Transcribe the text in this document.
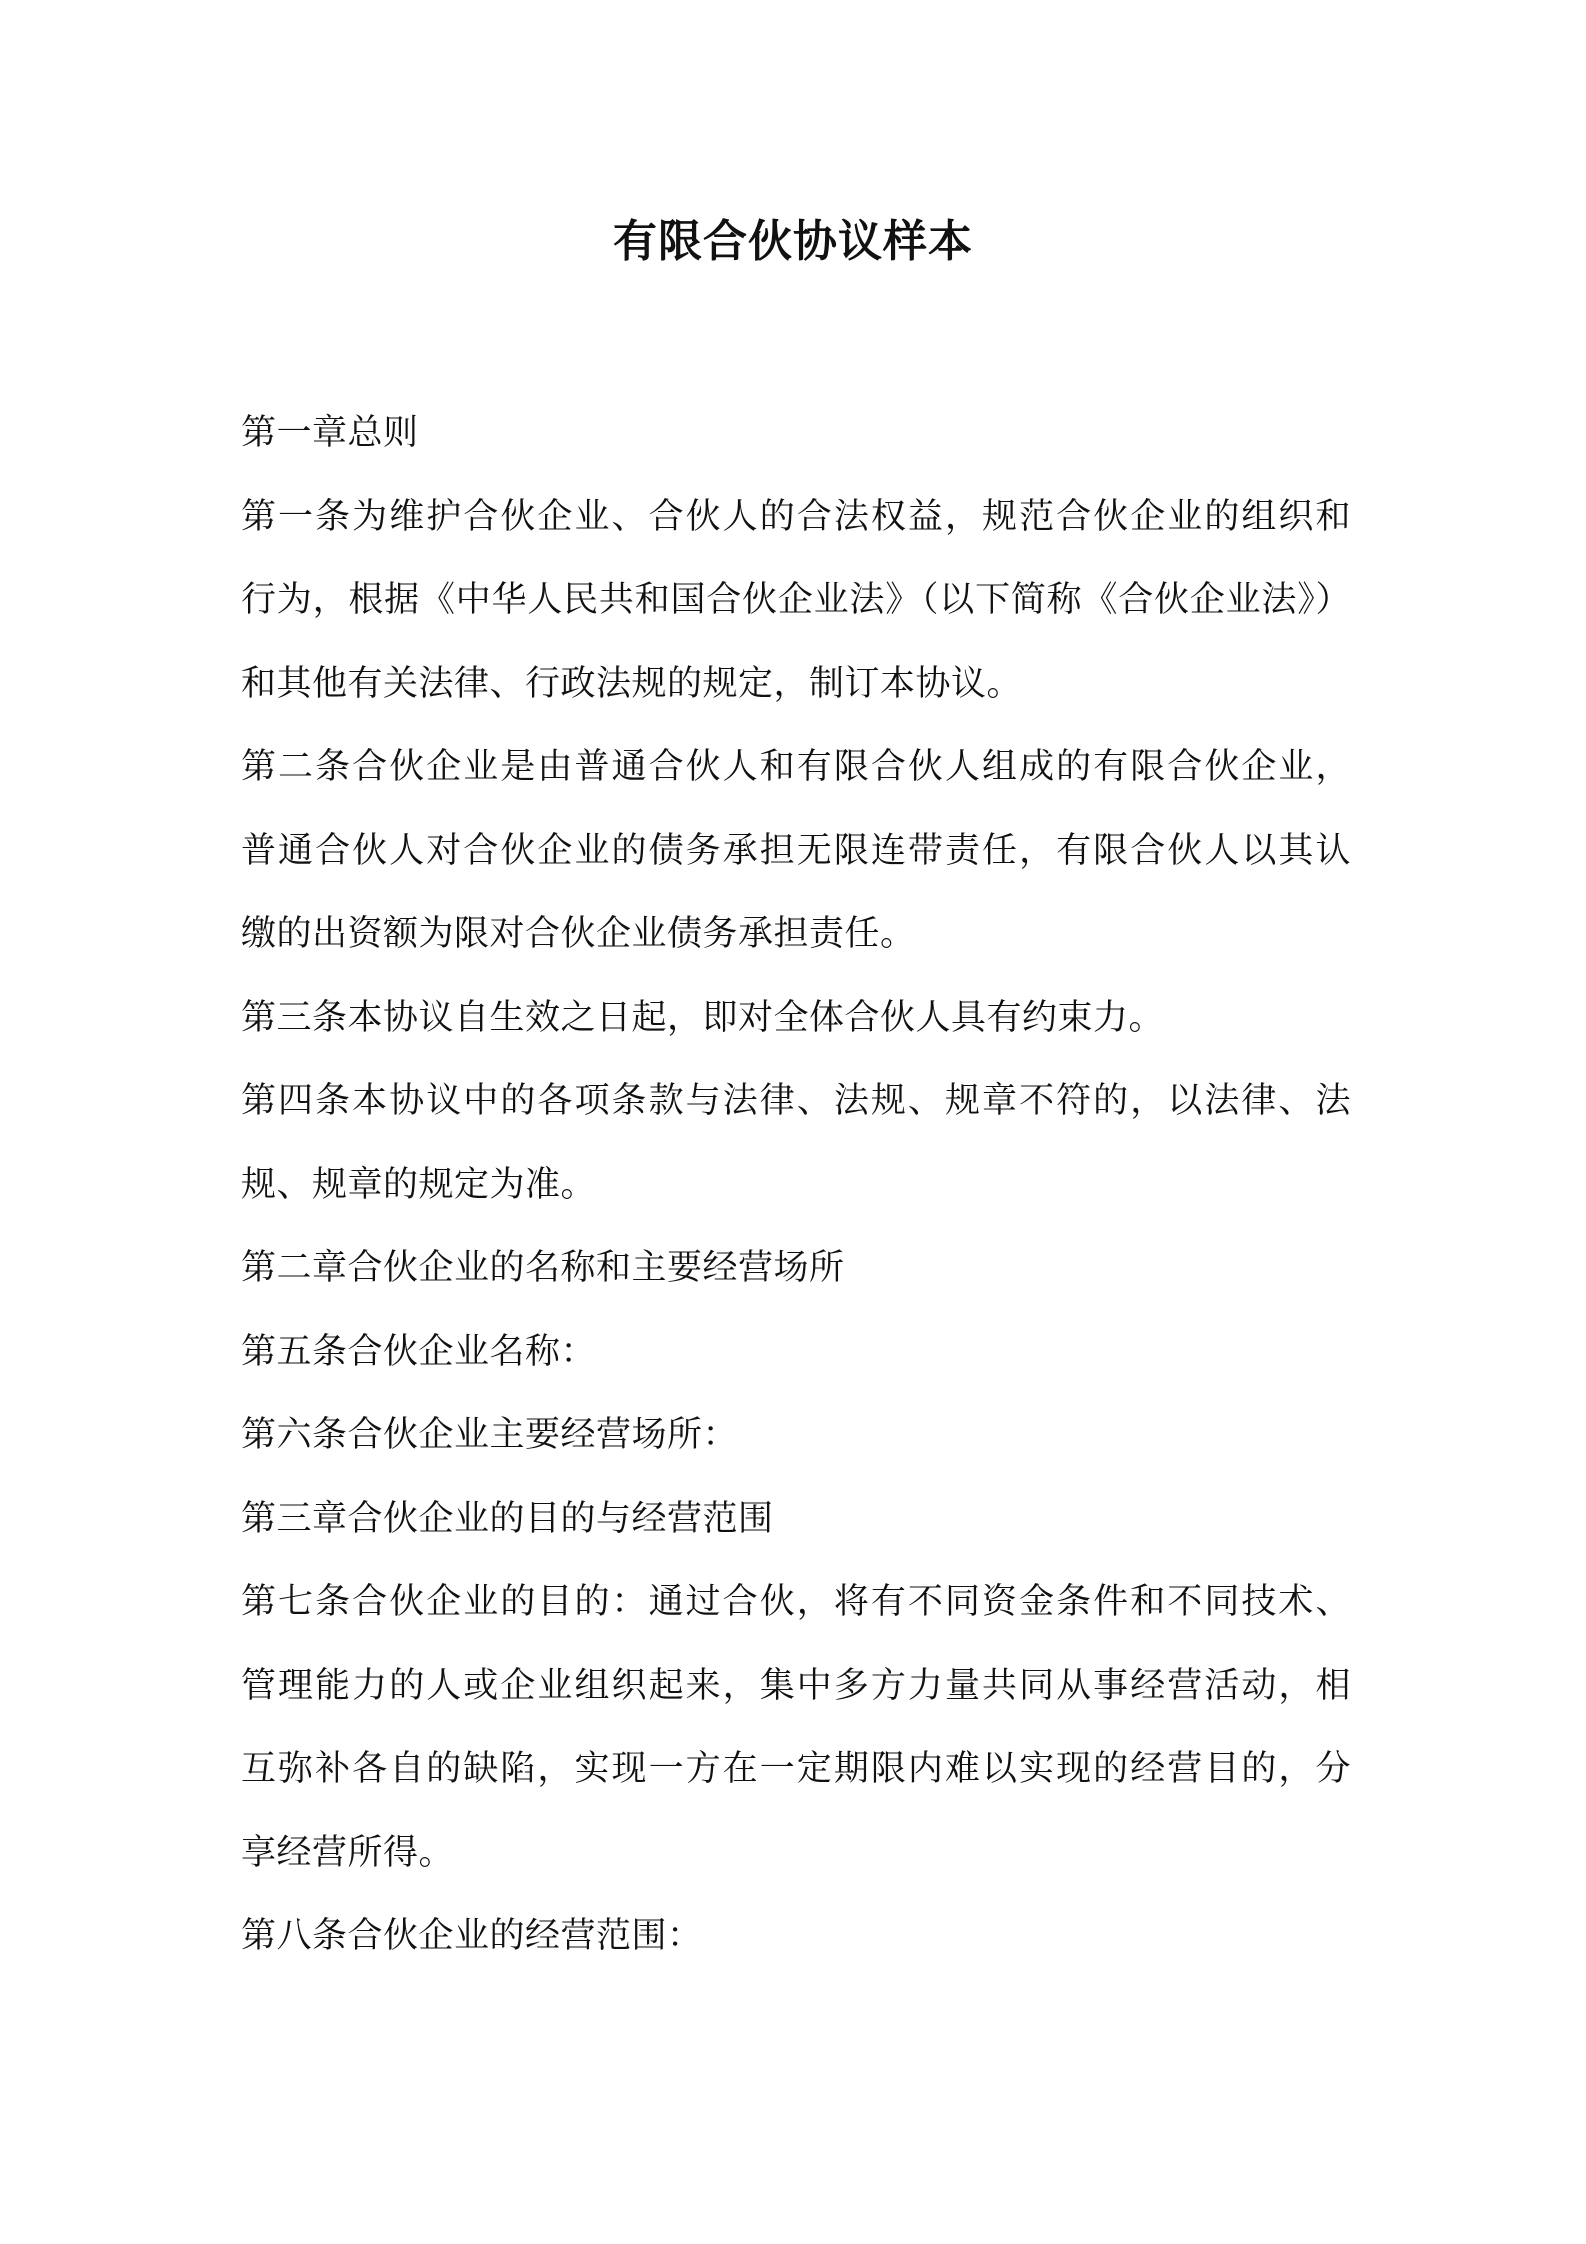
有限合伙协议样本
第一章总则
第一条为维护合伙企业、合伙人的合法权益，规范合伙企业的组织和
行为，根据《中华人民共和国合伙企业法》（以下简称《合伙企业法》）
和其他有关法律、行政法规的规定，制订本协议。
第二条合伙企业是由普通合伙人和有限合伙人组成的有限合伙企业，
普通合伙人对合伙企业的债务承担无限连带责任，有限合伙人以其认
缴的出资额为限对合伙企业债务承担责任。
第三条本协议自生效之日起，即对全体合伙人具有约束力。
第四条本协议中的各项条款与法律、法规、规章不符的，以法律、法
规、规章的规定为准。
第二章合伙企业的名称和主要经营场所
第五条合伙企业名称：
第六条合伙企业主要经营场所：
第三章合伙企业的目的与经营范围
第七条合伙企业的目的：通过合伙，将有不同资金条件和不同技术、
管理能力的人或企业组织起来，集中多方力量共同从事经营活动，相
互弥补各自的缺陷，实现一方在一定期限内难以实现的经营目的，分
享经营所得。
第八条合伙企业的经营范围：
